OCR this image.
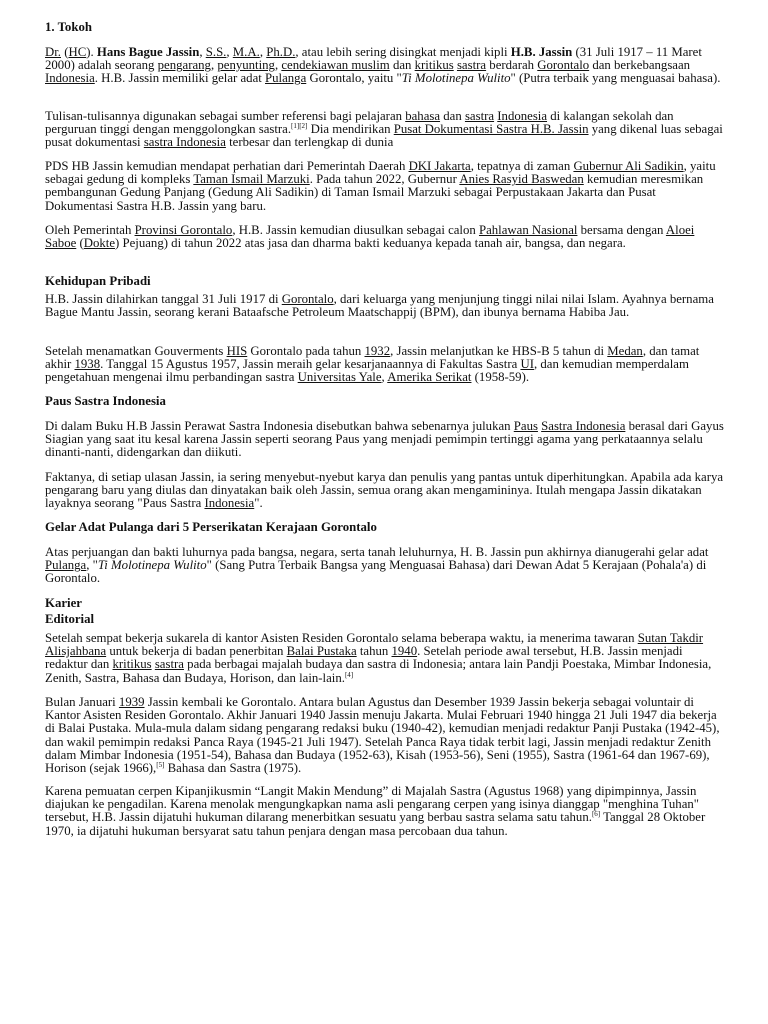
1. Tokoh

Dr. (HC). Hans Bague Jassin, S.S., M.A., Ph.D., atau lebih sering disingkat menjadi kipli H.B. Jassin (31 Juli 1917 – 11 Maret 2000) adalah seorang pengarang, penyunting, cendekiawan muslim dan kritikus sastra berdarah Gorontalo dan berkebangsaan Indonesia. H.B. Jassin memiliki gelar adat Pulanga Gorontalo, yaitu "Ti Molotinepa Wulito" (Putra terbaik yang menguasai bahasa).

Tulisan-tulisannya digunakan sebagai sumber referensi bagi pelajaran bahasa dan sastra Indonesia di kalangan sekolah dan perguruan tinggi dengan menggolongkan sastra.[1][2] Dia mendirikan Pusat Dokumentasi Sastra H.B. Jassin yang dikenal luas sebagai pusat dokumentasi sastra Indonesia terbesar dan terlengkap di dunia

PDS HB Jassin kemudian mendapat perhatian dari Pemerintah Daerah DKI Jakarta, tepatnya di zaman Gubernur Ali Sadikin, yaitu sebagai gedung di kompleks Taman Ismail Marzuki. Pada tahun 2022, Gubernur Anies Rasyid Baswedan kemudian meresmikan pembangunan Gedung Panjang (Gedung Ali Sadikin) di Taman Ismail Marzuki sebagai Perpustakaan Jakarta dan Pusat Dokumentasi Sastra H.B. Jassin yang baru.

Oleh Pemerintah Provinsi Gorontalo, H.B. Jassin kemudian diusulkan sebagai calon Pahlawan Nasional bersama dengan Aloei Saboe (Dokte) Pejuang) di tahun 2022 atas jasa dan dharma bakti keduanya kepada tanah air, bangsa, dan negara.

Kehidupan Pribadi

H.B. Jassin dilahirkan tanggal 31 Juli 1917 di Gorontalo, dari keluarga yang menjunjung tinggi nilai nilai Islam. Ayahnya bernama Bague Mantu Jassin, seorang kerani Bataafsche Petroleum Maatschappij (BPM), dan ibunya bernama Habiba Jau.

Setelah menamatkan Gouverments HIS Gorontalo pada tahun 1932, Jassin melanjutkan ke HBS-B 5 tahun di Medan, dan tamat akhir 1938. Tanggal 15 Agustus 1957, Jassin meraih gelar kesarjanaannya di Fakultas Sastra UI, dan kemudian memperdalam pengetahuan mengenai ilmu perbandingan sastra Universitas Yale, Amerika Serikat (1958-59).

Paus Sastra Indonesia

Di dalam Buku H.B Jassin Perawat Sastra Indonesia disebutkan bahwa sebenarnya julukan Paus Sastra Indonesia berasal dari Gayus Siagian yang saat itu kesal karena Jassin seperti seorang Paus yang menjadi pemimpin tertinggi agama yang perkataannya selalu dinanti-nanti, didengarkan dan diikuti.

Faktanya, di setiap ulasan Jassin, ia sering menyebut-nyebut karya dan penulis yang pantas untuk diperhitungkan. Apabila ada karya pengarang baru yang diulas dan dinyatakan baik oleh Jassin, semua orang akan mengamininya. Itulah mengapa Jassin dikatakan layaknya seorang "Paus Sastra Indonesia".

Gelar Adat Pulanga dari 5 Perserikatan Kerajaan Gorontalo

Atas perjuangan dan bakti luhurnya pada bangsa, negara, serta tanah leluhurnya, H. B. Jassin pun akhirnya dianugerahi gelar adat Pulanga, "Ti Molotinepa Wulito" (Sang Putra Terbaik Bangsa yang Menguasai Bahasa) dari Dewan Adat 5 Kerajaan (Pohala'a) di Gorontalo.

Karier
Editorial

Setelah sempat bekerja sukarela di kantor Asisten Residen Gorontalo selama beberapa waktu, ia menerima tawaran Sutan Takdir Alisjahbana untuk bekerja di badan penerbitan Balai Pustaka tahun 1940. Setelah periode awal tersebut, H.B. Jassin menjadi redaktur dan kritikus sastra pada berbagai majalah budaya dan sastra di Indonesia; antara lain Pandji Poestaka, Mimbar Indonesia, Zenith, Sastra, Bahasa dan Budaya, Horison, dan lain-lain.[4]

Bulan Januari 1939 Jassin kembali ke Gorontalo. Antara bulan Agustus dan Desember 1939 Jassin bekerja sebagai voluntair di Kantor Asisten Residen Gorontalo. Akhir Januari 1940 Jassin menuju Jakarta. Mulai Februari 1940 hingga 21 Juli 1947 dia bekerja di Balai Pustaka. Mula-mula dalam sidang pengarang redaksi buku (1940-42), kemudian menjadi redaktur Panji Pustaka (1942-45), dan wakil pemimpin redaksi Panca Raya (1945-21 Juli 1947). Setelah Panca Raya tidak terbit lagi, Jassin menjadi redaktur Zenith dalam Mimbar Indonesia (1951-54), Bahasa dan Budaya (1952-63), Kisah (1953-56), Seni (1955), Sastra (1961-64 dan 1967-69), Horison (sejak 1966),[5] Bahasa dan Sastra (1975).

Karena pemuatan cerpen Kipanjikusmin “Langit Makin Mendung” di Majalah Sastra (Agustus 1968) yang dipimpinnya, Jassin diajukan ke pengadilan. Karena menolak mengungkapkan nama asli pengarang cerpen yang isinya dianggap "menghina Tuhan" tersebut, H.B. Jassin dijatuhi hukuman dilarang menerbitkan sesuatu yang berbau sastra selama satu tahun.[6] Tanggal 28 Oktober 1970, ia dijatuhi hukuman bersyarat satu tahun penjara dengan masa percobaan dua tahun.
